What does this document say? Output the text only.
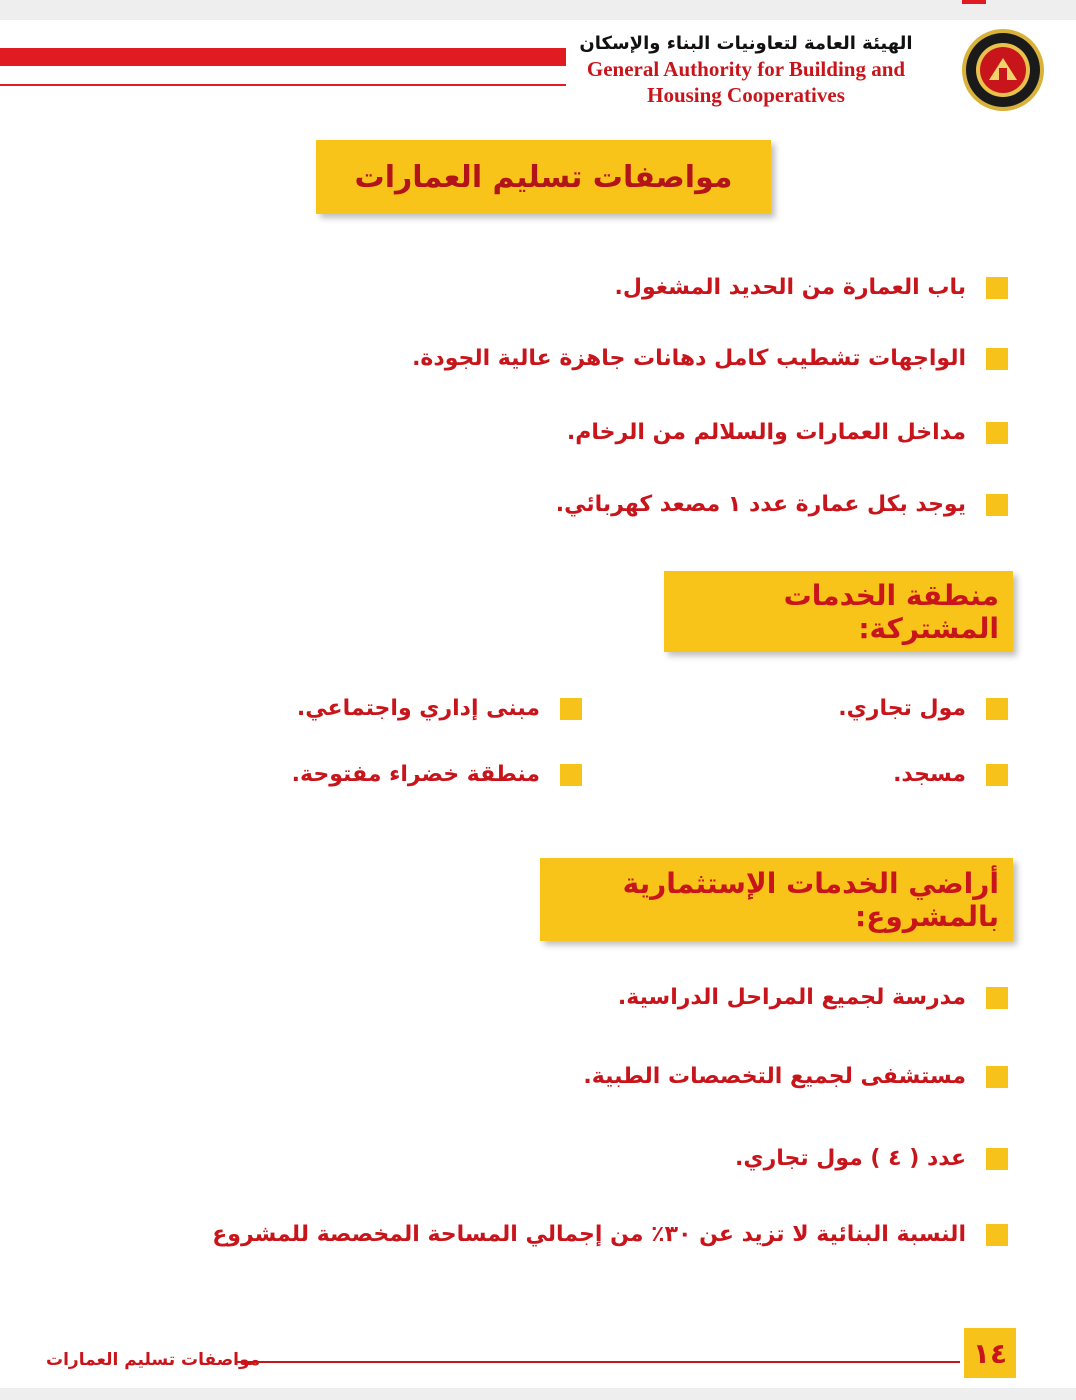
الهيئة العامة لتعاونيات البناء والإسكان
General Authority for Building and
Housing Cooperatives
مواصفات تسليم العمارات
باب العمارة من الحديد المشغول.
الواجهات تشطيب كامل دهانات جاهزة عالية الجودة.
مداخل العمارات والسلالم من الرخام.
يوجد بكل عمارة عدد ١ مصعد كهربائي.
منطقة الخدمات المشتركة:
مول تجاري.
مسجد.
مبنى إداري واجتماعي.
منطقة خضراء مفتوحة.
أراضي الخدمات الإستثمارية بالمشروع:
مدرسة لجميع المراحل الدراسية.
مستشفى لجميع التخصصات الطبية.
عدد ( ٤ ) مول تجاري.
النسبة البنائية لا تزيد عن ٣٠٪ من إجمالي المساحة المخصصة للمشروع
مواصفات تسليم العمارات	١٤
